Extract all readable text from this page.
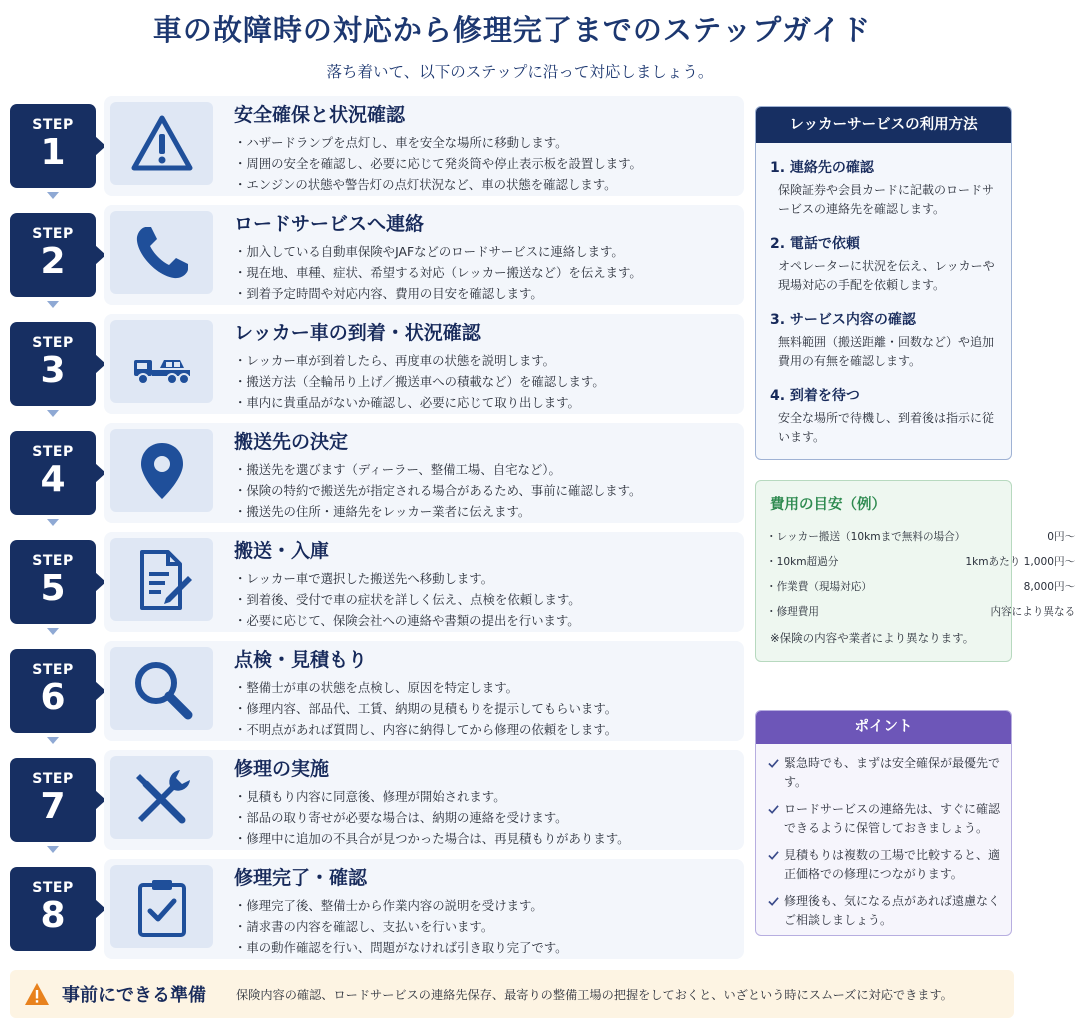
車の故障時の対応から修理完了までのステップガイド
落ち着いて、以下のステップに沿って対応しましょう。
STEP
1
安全確保と状況確認
・ ハザードランプを点灯し、車を安全な場所に移動します。
・ 周囲の安全を確認し、必要に応じて発炎筒や停止表示板を設置します。
・ エンジンの状態や警告灯の点灯状況など、車の状態を確認します。
STEP
2
ロードサービスへ連絡
・ 加入している自動車保険やJAFなどのロードサービスに連絡します。
・ 現在地、車種、症状、希望する対応（レッカー搬送など）を伝えます。
・ 到着予定時間や対応内容、費用の目安を確認します。
STEP
3
レッカー車の到着・状況確認
・ レッカー車が到着したら、再度車の状態を説明します。
・ 搬送方法（全輪吊り上げ／搬送車への積載など）を確認します。
・ 車内に貴重品がないか確認し、必要に応じて取り出します。
STEP
4
搬送先の決定
・ 搬送先を選びます（ディーラー、整備工場、自宅など）。
・ 保険の特約で搬送先が指定される場合があるため、事前に確認します。
・ 搬送先の住所・連絡先をレッカー業者に伝えます。
STEP
5
搬送・入庫
・ レッカー車で選択した搬送先へ移動します。
・ 到着後、受付で車の症状を詳しく伝え、点検を依頼します。
・ 必要に応じて、保険会社への連絡や書類の提出を行います。
STEP
6
点検・見積もり
・ 整備士が車の状態を点検し、原因を特定します。
・ 修理内容、部品代、工賃、納期の見積もりを提示してもらいます。
・ 不明点があれば質問し、内容に納得してから修理の依頼をします。
STEP
7
修理の実施
・ 見積もり内容に同意後、修理が開始されます。
・ 部品の取り寄せが必要な場合は、納期の連絡を受けます。
・ 修理中に追加の不具合が見つかった場合は、再見積もりがあります。
STEP
8
修理完了・確認
・ 修理完了後、整備士から作業内容の説明を受けます。
・ 請求書の内容を確認し、支払いを行います。
・ 車の動作確認を行い、問題がなければ引き取り完了です。
レッカーサービスの利用方法
1. 連絡先の確認

保険証券や会員カードに記載のロードサービスの連絡先を確認します。

2. 電話で依頼

オペレーターに状況を伝え、レッカーや現場対応の手配を依頼します。

3. サービス内容の確認

無料範囲（搬送距離・回数など）や追加費用の有無を確認します。

4. 到着を待つ

安全な場所で待機し、到着後は指示に従います。

費用の目安（例）
・ レッカー搬送（10kmまで無料の場合）	0円〜
・ 10km超過分	1kmあたり 1,000円〜
・ 作業費（現場対応）	8,000円〜
・ 修理費用	内容により異なる
※保険の内容や業者により異なります。
ポイント
緊急時でも、まずは安全確保が最優先です。
ロードサービスの連絡先は、すぐに確認できるように保管しておきましょう。
見積もりは複数の工場で比較すると、適正価格での修理につながります。
修理後も、気になる点があれば遠慮なくご相談しましょう。
事前にできる準備 保険内容の確認、ロードサービスの連絡先保存、最寄りの整備工場の把握をしておくと、いざという時にスムーズに対応できます。
